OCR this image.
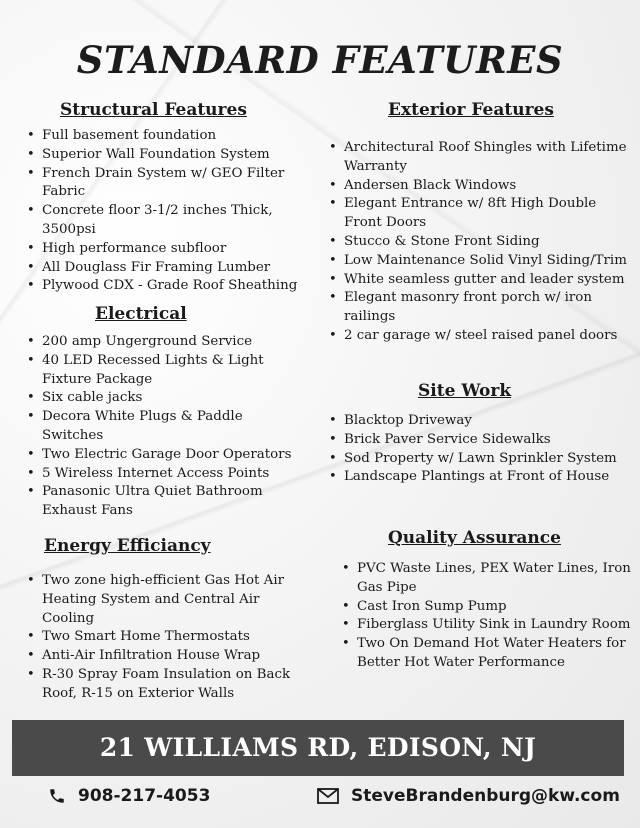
STANDARD FEATURES
Structural Features
• Full basement foundation
• Superior Wall Foundation System
• French Drain System w/ GEO Filter Fabric
• Concrete floor 3-1/2 inches Thick, 3500psi
• High performance subfloor
• All Douglass Fir Framing Lumber
• Plywood CDX - Grade Roof Sheathing
Electrical
• 200 amp Ungerground Service
• 40 LED Recessed Lights & Light Fixture Package
• Six cable jacks
• Decora White Plugs & Paddle Switches
• Two Electric Garage Door Operators
• 5 Wireless Internet Access Points
• Panasonic Ultra Quiet Bathroom Exhaust Fans
Energy Efficiancy
• Two zone high-efficient Gas Hot Air Heating System and Central Air Cooling
• Two Smart Home Thermostats
• Anti-Air Infiltration House Wrap
• R-30 Spray Foam Insulation on Back Roof, R-15 on Exterior Walls
Exterior Features
• Architectural Roof Shingles with Lifetime Warranty
• Andersen Black Windows
• Elegant Entrance w/ 8ft High Double Front Doors
• Stucco & Stone Front Siding
• Low Maintenance Solid Vinyl Siding/Trim
• White seamless gutter and leader system
• Elegant masonry front porch w/ iron railings
• 2 car garage w/ steel raised panel doors
Site Work
• Blacktop Driveway
• Brick Paver Service Sidewalks
• Sod Property w/ Lawn Sprinkler System
• Landscape Plantings at Front of House
Quality Assurance
• PVC Waste Lines, PEX Water Lines, Iron Gas Pipe
• Cast Iron Sump Pump
• Fiberglass Utility Sink in Laundry Room
• Two On Demand Hot Water Heaters for Better Hot Water Performance
21 WILLIAMS RD, EDISON, NJ
908-217-4053	SteveBrandenburg@kw.com
